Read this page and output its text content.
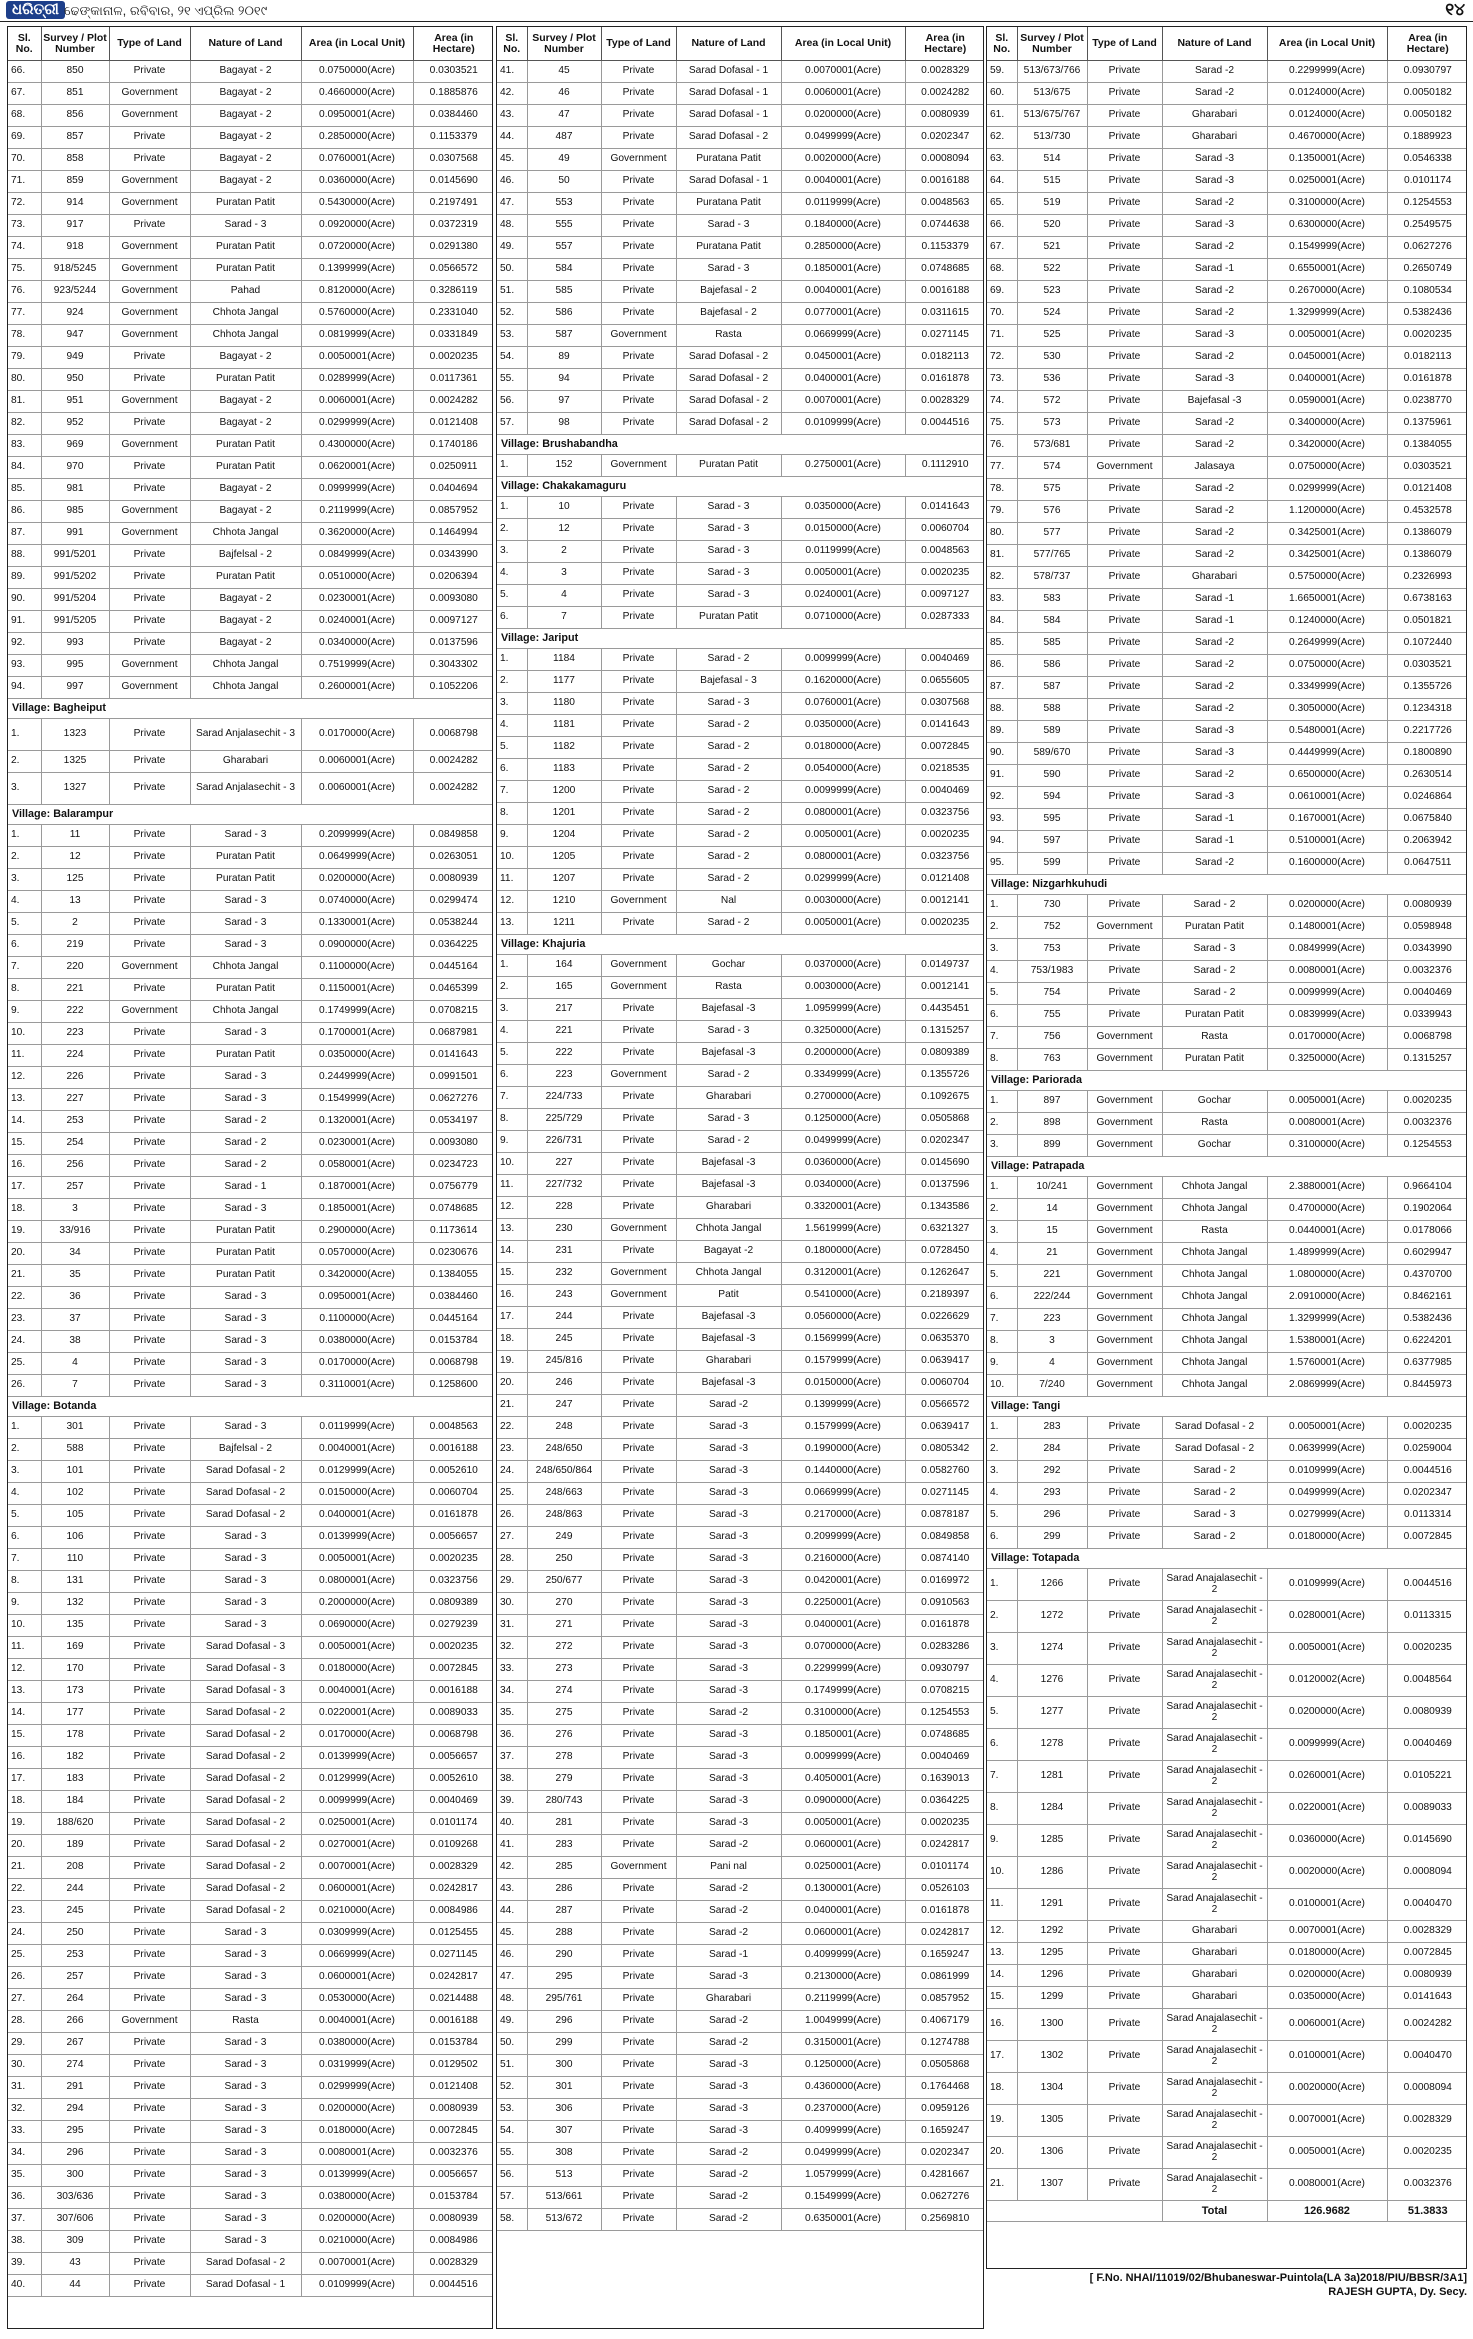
ଧରିତ୍ରୀ ଢେଙ୍କାନାଳ, ରବିବାର, ୨୧ ଏପ୍ରିଲ ୨୦୧୯	୧୪
Sl. No.	Survey / Plot Number	Type of Land	Nature of Land	Area (in Local Unit)	Area (in Hectare)
66.	850	Private	Bagayat - 2	0.0750000(Acre)	0.0303521
67.	851	Government	Bagayat - 2	0.4660000(Acre)	0.1885876
68.	856	Government	Bagayat - 2	0.0950001(Acre)	0.0384460
69.	857	Private	Bagayat - 2	0.2850000(Acre)	0.1153379
70.	858	Private	Bagayat - 2	0.0760001(Acre)	0.0307568
71.	859	Government	Bagayat - 2	0.0360000(Acre)	0.0145690
72.	914	Government	Puratan Patit	0.5430000(Acre)	0.2197491
73.	917	Private	Sarad - 3	0.0920000(Acre)	0.0372319
74.	918	Government	Puratan Patit	0.0720000(Acre)	0.0291380
75.	918/5245	Government	Puratan Patit	0.1399999(Acre)	0.0566572
76.	923/5244	Government	Pahad	0.8120000(Acre)	0.3286119
77.	924	Government	Chhota Jangal	0.5760000(Acre)	0.2331040
78.	947	Government	Chhota Jangal	0.0819999(Acre)	0.0331849
79.	949	Private	Bagayat - 2	0.0050001(Acre)	0.0020235
80.	950	Private	Puratan Patit	0.0289999(Acre)	0.0117361
81.	951	Government	Bagayat - 2	0.0060001(Acre)	0.0024282
82.	952	Private	Bagayat - 2	0.0299999(Acre)	0.0121408
83.	969	Government	Puratan Patit	0.4300000(Acre)	0.1740186
84.	970	Private	Puratan Patit	0.0620001(Acre)	0.0250911
85.	981	Private	Bagayat - 2	0.0999999(Acre)	0.0404694
86.	985	Government	Bagayat - 2	0.2119999(Acre)	0.0857952
87.	991	Government	Chhota Jangal	0.3620000(Acre)	0.1464994
88.	991/5201	Private	Bajfelsal - 2	0.0849999(Acre)	0.0343990
89.	991/5202	Private	Puratan Patit	0.0510000(Acre)	0.0206394
90.	991/5204	Private	Bagayat - 2	0.0230001(Acre)	0.0093080
91.	991/5205	Private	Bagayat - 2	0.0240001(Acre)	0.0097127
92.	993	Private	Bagayat - 2	0.0340000(Acre)	0.0137596
93.	995	Government	Chhota Jangal	0.7519999(Acre)	0.3043302
94.	997	Government	Chhota Jangal	0.2600001(Acre)	0.1052206
Village: Bagheiput					
1.	1323	Private	Sarad Anjalasechit - 3	0.0170000(Acre)	0.0068798
2.	1325	Private	Gharabari	0.0060001(Acre)	0.0024282
3.	1327	Private	Sarad Anjalasechit - 3	0.0060001(Acre)	0.0024282
Village: Balarampur					
1.	11	Private	Sarad - 3	0.2099999(Acre)	0.0849858
2.	12	Private	Puratan Patit	0.0649999(Acre)	0.0263051
3.	125	Private	Puratan Patit	0.0200000(Acre)	0.0080939
4.	13	Private	Sarad - 3	0.0740000(Acre)	0.0299474
5.	2	Private	Sarad - 3	0.1330001(Acre)	0.0538244
6.	219	Private	Sarad - 3	0.0900000(Acre)	0.0364225
7.	220	Government	Chhota Jangal	0.1100000(Acre)	0.0445164
8.	221	Private	Puratan Patit	0.1150001(Acre)	0.0465399
9.	222	Government	Chhota Jangal	0.1749999(Acre)	0.0708215
10.	223	Private	Sarad - 3	0.1700001(Acre)	0.0687981
11.	224	Private	Puratan Patit	0.0350000(Acre)	0.0141643
12.	226	Private	Sarad - 3	0.2449999(Acre)	0.0991501
13.	227	Private	Sarad - 3	0.1549999(Acre)	0.0627276
14.	253	Private	Sarad - 2	0.1320001(Acre)	0.0534197
15.	254	Private	Sarad - 2	0.0230001(Acre)	0.0093080
16.	256	Private	Sarad - 2	0.0580001(Acre)	0.0234723
17.	257	Private	Sarad - 1	0.1870001(Acre)	0.0756779
18.	3	Private	Sarad - 3	0.1850001(Acre)	0.0748685
19.	33/916	Private	Puratan Patit	0.2900000(Acre)	0.1173614
20.	34	Private	Puratan Patit	0.0570000(Acre)	0.0230676
21.	35	Private	Puratan Patit	0.3420000(Acre)	0.1384055
22.	36	Private	Sarad - 3	0.0950001(Acre)	0.0384460
23.	37	Private	Sarad - 3	0.1100000(Acre)	0.0445164
24.	38	Private	Sarad - 3	0.0380000(Acre)	0.0153784
25.	4	Private	Sarad - 3	0.0170000(Acre)	0.0068798
26.	7	Private	Sarad - 3	0.3110001(Acre)	0.1258600
Village: Botanda					
1.	301	Private	Sarad - 3	0.0119999(Acre)	0.0048563
2.	588	Private	Bajfelsal - 2	0.0040001(Acre)	0.0016188
3.	101	Private	Sarad Dofasal - 2	0.0129999(Acre)	0.0052610
4.	102	Private	Sarad Dofasal - 2	0.0150000(Acre)	0.0060704
5.	105	Private	Sarad Dofasal - 2	0.0400001(Acre)	0.0161878
6.	106	Private	Sarad - 3	0.0139999(Acre)	0.0056657
7.	110	Private	Sarad - 3	0.0050001(Acre)	0.0020235
8.	131	Private	Sarad - 3	0.0800001(Acre)	0.0323756
9.	132	Private	Sarad - 3	0.2000000(Acre)	0.0809389
10.	135	Private	Sarad - 3	0.0690000(Acre)	0.0279239
11.	169	Private	Sarad Dofasal - 3	0.0050001(Acre)	0.0020235
12.	170	Private	Sarad Dofasal - 3	0.0180000(Acre)	0.0072845
13.	173	Private	Sarad Dofasal - 3	0.0040001(Acre)	0.0016188
14.	177	Private	Sarad Dofasal - 2	0.0220001(Acre)	0.0089033
15.	178	Private	Sarad Dofasal - 2	0.0170000(Acre)	0.0068798
16.	182	Private	Sarad Dofasal - 2	0.0139999(Acre)	0.0056657
17.	183	Private	Sarad Dofasal - 2	0.0129999(Acre)	0.0052610
18.	184	Private	Sarad Dofasal - 2	0.0099999(Acre)	0.0040469
19.	188/620	Private	Sarad Dofasal - 2	0.0250001(Acre)	0.0101174
20.	189	Private	Sarad Dofasal - 2	0.0270001(Acre)	0.0109268
21.	208	Private	Sarad Dofasal - 2	0.0070001(Acre)	0.0028329
22.	244	Private	Sarad Dofasal - 2	0.0600001(Acre)	0.0242817
23.	245	Private	Sarad Dofasal - 2	0.0210000(Acre)	0.0084986
24.	250	Private	Sarad - 3	0.0309999(Acre)	0.0125455
25.	253	Private	Sarad - 3	0.0669999(Acre)	0.0271145
26.	257	Private	Sarad - 3	0.0600001(Acre)	0.0242817
27.	264	Private	Sarad - 3	0.0530000(Acre)	0.0214488
28.	266	Government	Rasta	0.0040001(Acre)	0.0016188
29.	267	Private	Sarad - 3	0.0380000(Acre)	0.0153784
30.	274	Private	Sarad - 3	0.0319999(Acre)	0.0129502
31.	291	Private	Sarad - 3	0.0299999(Acre)	0.0121408
32.	294	Private	Sarad - 3	0.0200000(Acre)	0.0080939
33.	295	Private	Sarad - 3	0.0180000(Acre)	0.0072845
34.	296	Private	Sarad - 3	0.0080001(Acre)	0.0032376
35.	300	Private	Sarad - 3	0.0139999(Acre)	0.0056657
36.	303/636	Private	Sarad - 3	0.0380000(Acre)	0.0153784
37.	307/606	Private	Sarad - 3	0.0200000(Acre)	0.0080939
38.	309	Private	Sarad - 3	0.0210000(Acre)	0.0084986
39.	43	Private	Sarad Dofasal - 2	0.0070001(Acre)	0.0028329
40.	44	Private	Sarad Dofasal - 1	0.0109999(Acre)	0.0044516
Sl. No.	Survey / Plot Number	Type of Land	Nature of Land	Area (in Local Unit)	Area (in Hectare)
41.	45	Private	Sarad Dofasal - 1	0.0070001(Acre)	0.0028329
42.	46	Private	Sarad Dofasal - 1	0.0060001(Acre)	0.0024282
43.	47	Private	Sarad Dofasal - 1	0.0200000(Acre)	0.0080939
44.	487	Private	Sarad Dofasal - 2	0.0499999(Acre)	0.0202347
45.	49	Government	Puratana Patit	0.0020000(Acre)	0.0008094
46.	50	Private	Sarad Dofasal - 1	0.0040001(Acre)	0.0016188
47.	553	Private	Puratana Patit	0.0119999(Acre)	0.0048563
48.	555	Private	Sarad - 3	0.1840000(Acre)	0.0744638
49.	557	Private	Puratana Patit	0.2850000(Acre)	0.1153379
50.	584	Private	Sarad - 3	0.1850001(Acre)	0.0748685
51.	585	Private	Bajefasal - 2	0.0040001(Acre)	0.0016188
52.	586	Private	Bajefasal - 2	0.0770001(Acre)	0.0311615
53.	587	Government	Rasta	0.0669999(Acre)	0.0271145
54.	89	Private	Sarad Dofasal - 2	0.0450001(Acre)	0.0182113
55.	94	Private	Sarad Dofasal - 2	0.0400001(Acre)	0.0161878
56.	97	Private	Sarad Dofasal - 2	0.0070001(Acre)	0.0028329
57.	98	Private	Sarad Dofasal - 2	0.0109999(Acre)	0.0044516
Village: Brushabandha					
1.	152	Government	Puratan Patit	0.2750001(Acre)	0.1112910
Village: Chakakamaguru					
1.	10	Private	Sarad - 3	0.0350000(Acre)	0.0141643
2.	12	Private	Sarad - 3	0.0150000(Acre)	0.0060704
3.	2	Private	Sarad - 3	0.0119999(Acre)	0.0048563
4.	3	Private	Sarad - 3	0.0050001(Acre)	0.0020235
5.	4	Private	Sarad - 3	0.0240001(Acre)	0.0097127
6.	7	Private	Puratan Patit	0.0710000(Acre)	0.0287333
Village: Jariput					
1.	1184	Private	Sarad - 2	0.0099999(Acre)	0.0040469
2.	1177	Private	Bajefasal - 3	0.1620000(Acre)	0.0655605
3.	1180	Private	Sarad - 3	0.0760001(Acre)	0.0307568
4.	1181	Private	Sarad - 2	0.0350000(Acre)	0.0141643
5.	1182	Private	Sarad - 2	0.0180000(Acre)	0.0072845
6.	1183	Private	Sarad - 2	0.0540000(Acre)	0.0218535
7.	1200	Private	Sarad - 2	0.0099999(Acre)	0.0040469
8.	1201	Private	Sarad - 2	0.0800001(Acre)	0.0323756
9.	1204	Private	Sarad - 2	0.0050001(Acre)	0.0020235
10.	1205	Private	Sarad - 2	0.0800001(Acre)	0.0323756
11.	1207	Private	Sarad - 2	0.0299999(Acre)	0.0121408
12.	1210	Government	Nal	0.0030000(Acre)	0.0012141
13.	1211	Private	Sarad - 2	0.0050001(Acre)	0.0020235
Village: Khajuria					
1.	164	Government	Gochar	0.0370000(Acre)	0.0149737
2.	165	Government	Rasta	0.0030000(Acre)	0.0012141
3.	217	Private	Bajefasal -3	1.0959999(Acre)	0.4435451
4.	221	Private	Sarad - 3	0.3250000(Acre)	0.1315257
5.	222	Private	Bajefasal -3	0.2000000(Acre)	0.0809389
6.	223	Government	Sarad - 2	0.3349999(Acre)	0.1355726
7.	224/733	Private	Gharabari	0.2700000(Acre)	0.1092675
8.	225/729	Private	Sarad - 3	0.1250000(Acre)	0.0505868
9.	226/731	Private	Sarad - 2	0.0499999(Acre)	0.0202347
10.	227	Private	Bajefasal -3	0.0360000(Acre)	0.0145690
11.	227/732	Private	Bajefasal -3	0.0340000(Acre)	0.0137596
12.	228	Private	Gharabari	0.3320001(Acre)	0.1343586
13.	230	Government	Chhota Jangal	1.5619999(Acre)	0.6321327
14.	231	Private	Bagayat -2	0.1800000(Acre)	0.0728450
15.	232	Government	Chhota Jangal	0.3120001(Acre)	0.1262647
16.	243	Government	Patit	0.5410000(Acre)	0.2189397
17.	244	Private	Bajefasal -3	0.0560000(Acre)	0.0226629
18.	245	Private	Bajefasal -3	0.1569999(Acre)	0.0635370
19.	245/816	Private	Gharabari	0.1579999(Acre)	0.0639417
20.	246	Private	Bajefasal -3	0.0150000(Acre)	0.0060704
21.	247	Private	Sarad -2	0.1399999(Acre)	0.0566572
22.	248	Private	Sarad -3	0.1579999(Acre)	0.0639417
23.	248/650	Private	Sarad -3	0.1990000(Acre)	0.0805342
24.	248/650/864	Private	Sarad -3	0.1440000(Acre)	0.0582760
25.	248/663	Private	Sarad -3	0.0669999(Acre)	0.0271145
26.	248/863	Private	Sarad -3	0.2170000(Acre)	0.0878187
27.	249	Private	Sarad -3	0.2099999(Acre)	0.0849858
28.	250	Private	Sarad -3	0.2160000(Acre)	0.0874140
29.	250/677	Private	Sarad -3	0.0420001(Acre)	0.0169972
30.	270	Private	Sarad -3	0.2250001(Acre)	0.0910563
31.	271	Private	Sarad -3	0.0400001(Acre)	0.0161878
32.	272	Private	Sarad -3	0.0700000(Acre)	0.0283286
33.	273	Private	Sarad -3	0.2299999(Acre)	0.0930797
34.	274	Private	Sarad -3	0.1749999(Acre)	0.0708215
35.	275	Private	Sarad -2	0.3100000(Acre)	0.1254553
36.	276	Private	Sarad -3	0.1850001(Acre)	0.0748685
37.	278	Private	Sarad -3	0.0099999(Acre)	0.0040469
38.	279	Private	Sarad -3	0.4050001(Acre)	0.1639013
39.	280/743	Private	Sarad -3	0.0900000(Acre)	0.0364225
40.	281	Private	Sarad -3	0.0050001(Acre)	0.0020235
41.	283	Private	Sarad -2	0.0600001(Acre)	0.0242817
42.	285	Government	Pani nal	0.0250001(Acre)	0.0101174
43.	286	Private	Sarad -2	0.1300001(Acre)	0.0526103
44.	287	Private	Sarad -2	0.0400001(Acre)	0.0161878
45.	288	Private	Sarad -2	0.0600001(Acre)	0.0242817
46.	290	Private	Sarad -1	0.4099999(Acre)	0.1659247
47.	295	Private	Sarad -3	0.2130000(Acre)	0.0861999
48.	295/761	Private	Gharabari	0.2119999(Acre)	0.0857952
49.	296	Private	Sarad -2	1.0049999(Acre)	0.4067179
50.	299	Private	Sarad -2	0.3150001(Acre)	0.1274788
51.	300	Private	Sarad -3	0.1250000(Acre)	0.0505868
52.	301	Private	Sarad -3	0.4360000(Acre)	0.1764468
53.	306	Private	Sarad -3	0.2370000(Acre)	0.0959126
54.	307	Private	Sarad -3	0.4099999(Acre)	0.1659247
55.	308	Private	Sarad -2	0.0499999(Acre)	0.0202347
56.	513	Private	Sarad -2	1.0579999(Acre)	0.4281667
57.	513/661	Private	Sarad -2	0.1549999(Acre)	0.0627276
58.	513/672	Private	Sarad -2	0.6350001(Acre)	0.2569810
Sl. No.	Survey / Plot Number	Type of Land	Nature of Land	Area (in Local Unit)	Area (in Hectare)
59.	513/673/766	Private	Sarad -2	0.2299999(Acre)	0.0930797
60.	513/675	Private	Sarad -2	0.0124000(Acre)	0.0050182
61.	513/675/767	Private	Gharabari	0.0124000(Acre)	0.0050182
62.	513/730	Private	Gharabari	0.4670000(Acre)	0.1889923
63.	514	Private	Sarad -3	0.1350001(Acre)	0.0546338
64.	515	Private	Sarad -3	0.0250001(Acre)	0.0101174
65.	519	Private	Sarad -2	0.3100000(Acre)	0.1254553
66.	520	Private	Sarad -3	0.6300000(Acre)	0.2549575
67.	521	Private	Sarad -2	0.1549999(Acre)	0.0627276
68.	522	Private	Sarad -1	0.6550001(Acre)	0.2650749
69.	523	Private	Sarad -2	0.2670000(Acre)	0.1080534
70.	524	Private	Sarad -2	1.3299999(Acre)	0.5382436
71.	525	Private	Sarad -3	0.0050001(Acre)	0.0020235
72.	530	Private	Sarad -2	0.0450001(Acre)	0.0182113
73.	536	Private	Sarad -3	0.0400001(Acre)	0.0161878
74.	572	Private	Bajefasal -3	0.0590001(Acre)	0.0238770
75.	573	Private	Sarad -2	0.3400000(Acre)	0.1375961
76.	573/681	Private	Sarad -2	0.3420000(Acre)	0.1384055
77.	574	Government	Jalasaya	0.0750000(Acre)	0.0303521
78.	575	Private	Sarad -2	0.0299999(Acre)	0.0121408
79.	576	Private	Sarad -2	1.1200000(Acre)	0.4532578
80.	577	Private	Sarad -2	0.3425001(Acre)	0.1386079
81.	577/765	Private	Sarad -2	0.3425001(Acre)	0.1386079
82.	578/737	Private	Gharabari	0.5750000(Acre)	0.2326993
83.	583	Private	Sarad -1	1.6650001(Acre)	0.6738163
84.	584	Private	Sarad -1	0.1240000(Acre)	0.0501821
85.	585	Private	Sarad -2	0.2649999(Acre)	0.1072440
86.	586	Private	Sarad -2	0.0750000(Acre)	0.0303521
87.	587	Private	Sarad -2	0.3349999(Acre)	0.1355726
88.	588	Private	Sarad -2	0.3050000(Acre)	0.1234318
89.	589	Private	Sarad -3	0.5480001(Acre)	0.2217726
90.	589/670	Private	Sarad -3	0.4449999(Acre)	0.1800890
91.	590	Private	Sarad -2	0.6500000(Acre)	0.2630514
92.	594	Private	Sarad -3	0.0610001(Acre)	0.0246864
93.	595	Private	Sarad -1	0.1670001(Acre)	0.0675840
94.	597	Private	Sarad -1	0.5100001(Acre)	0.2063942
95.	599	Private	Sarad -2	0.1600000(Acre)	0.0647511
Village: Nizgarhkuhudi					
1.	730	Private	Sarad - 2	0.0200000(Acre)	0.0080939
2.	752	Government	Puratan Patit	0.1480001(Acre)	0.0598948
3.	753	Private	Sarad - 3	0.0849999(Acre)	0.0343990
4.	753/1983	Private	Sarad - 2	0.0080001(Acre)	0.0032376
5.	754	Private	Sarad - 2	0.0099999(Acre)	0.0040469
6.	755	Private	Puratan Patit	0.0839999(Acre)	0.0339943
7.	756	Government	Rasta	0.0170000(Acre)	0.0068798
8.	763	Government	Puratan Patit	0.3250000(Acre)	0.1315257
Village: Pariorada					
1.	897	Government	Gochar	0.0050001(Acre)	0.0020235
2.	898	Government	Rasta	0.0080001(Acre)	0.0032376
3.	899	Government	Gochar	0.3100000(Acre)	0.1254553
Village: Patrapada					
1.	10/241	Government	Chhota Jangal	2.3880001(Acre)	0.9664104
2.	14	Government	Chhota Jangal	0.4700000(Acre)	0.1902064
3.	15	Government	Rasta	0.0440001(Acre)	0.0178066
4.	21	Government	Chhota Jangal	1.4899999(Acre)	0.6029947
5.	221	Government	Chhota Jangal	1.0800000(Acre)	0.4370700
6.	222/244	Government	Chhota Jangal	2.0910000(Acre)	0.8462161
7.	223	Government	Chhota Jangal	1.3299999(Acre)	0.5382436
8.	3	Government	Chhota Jangal	1.5380001(Acre)	0.6224201
9.	4	Government	Chhota Jangal	1.5760001(Acre)	0.6377985
10.	7/240	Government	Chhota Jangal	2.0869999(Acre)	0.8445973
Village: Tangi					
1.	283	Private	Sarad Dofasal - 2	0.0050001(Acre)	0.0020235
2.	284	Private	Sarad Dofasal - 2	0.0639999(Acre)	0.0259004
3.	292	Private	Sarad - 2	0.0109999(Acre)	0.0044516
4.	293	Private	Sarad - 2	0.0499999(Acre)	0.0202347
5.	296	Private	Sarad - 3	0.0279999(Acre)	0.0113314
6.	299	Private	Sarad - 2	0.0180000(Acre)	0.0072845
Village: Totapada					
1.	1266	Private	Sarad Anajalasechit - 2	0.0109999(Acre)	0.0044516
2.	1272	Private	Sarad Anajalasechit - 2	0.0280001(Acre)	0.0113315
3.	1274	Private	Sarad Anajalasechit - 2	0.0050001(Acre)	0.0020235
4.	1276	Private	Sarad Anajalasechit - 2	0.0120002(Acre)	0.0048564
5.	1277	Private	Sarad Anajalasechit - 2	0.0200000(Acre)	0.0080939
6.	1278	Private	Sarad Anajalasechit - 2	0.0099999(Acre)	0.0040469
7.	1281	Private	Sarad Anajalasechit - 2	0.0260001(Acre)	0.0105221
8.	1284	Private	Sarad Anajalasechit - 2	0.0220001(Acre)	0.0089033
9.	1285	Private	Sarad Anajalasechit - 2	0.0360000(Acre)	0.0145690
10.	1286	Private	Sarad Anajalasechit - 2	0.0020000(Acre)	0.0008094
11.	1291	Private	Sarad Anajalasechit - 2	0.0100001(Acre)	0.0040470
12.	1292	Private	Gharabari	0.0070001(Acre)	0.0028329
13.	1295	Private	Gharabari	0.0180000(Acre)	0.0072845
14.	1296	Private	Gharabari	0.0200000(Acre)	0.0080939
15.	1299	Private	Gharabari	0.0350000(Acre)	0.0141643
16.	1300	Private	Sarad Anajalasechit - 2	0.0060001(Acre)	0.0024282
17.	1302	Private	Sarad Anajalasechit - 2	0.0100001(Acre)	0.0040470
18.	1304	Private	Sarad Anajalasechit - 2	0.0020000(Acre)	0.0008094
19.	1305	Private	Sarad Anajalasechit - 2	0.0070001(Acre)	0.0028329
20.	1306	Private	Sarad Anajalasechit - 2	0.0050001(Acre)	0.0020235
21.	1307	Private	Sarad Anajalasechit - 2	0.0080001(Acre)	0.0032376
			Total	126.9682	51.3833
[ F.No. NHAI/11019/02/Bhubaneswar-Puintola(LA 3a)2018/PIU/BBSR/3A1]
RAJESH GUPTA, Dy. Secy.
